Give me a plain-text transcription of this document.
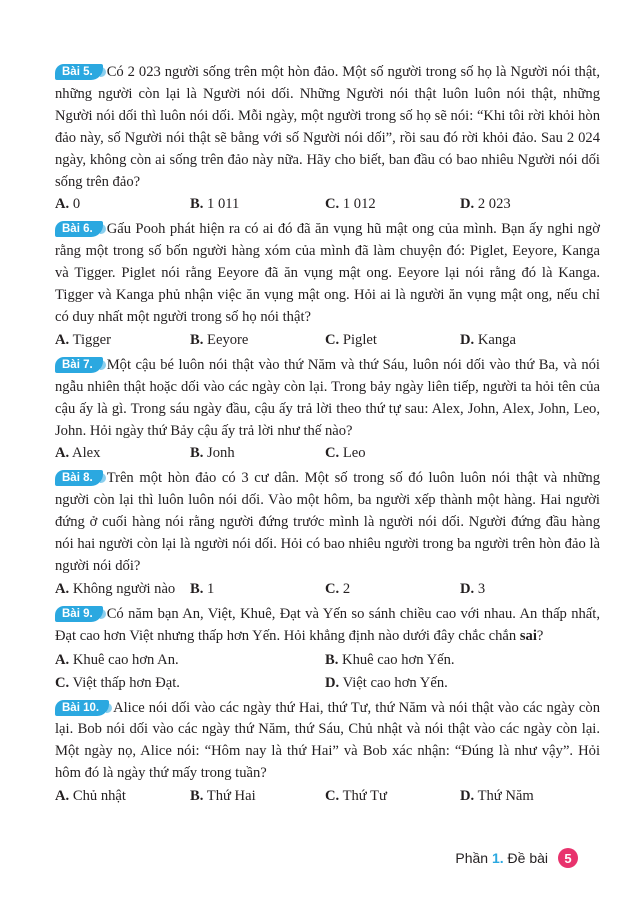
Bài 5. Có 2 023 người sống trên một hòn đảo. Một số người trong số họ là Người nói thật, những người còn lại là Người nói dối. Những Người nói thật luôn luôn nói thật, những Người nói dối thì luôn nói dối. Mỗi ngày, một người trong số họ sẽ nói: “Khi tôi rời khỏi hòn đảo này, số Người nói thật sẽ bằng với số Người nói dối”, rồi sau đó rời khỏi đảo. Sau 2 024 ngày, không còn ai sống trên đảo này nữa. Hãy cho biết, ban đầu có bao nhiêu Người nói dối sống trên đảo?
A. 0	B. 1 011	C. 1 012	D. 2 023
Bài 6. Gấu Pooh phát hiện ra có ai đó đã ăn vụng hũ mật ong của mình. Bạn ấy nghi ngờ rằng một trong số bốn người hàng xóm của mình đã làm chuyện đó: Piglet, Eeyore, Kanga và Tigger. Piglet nói rằng Eeyore đã ăn vụng mật ong. Eeyore lại nói rằng đó là Kanga. Tigger và Kanga phủ nhận việc ăn vụng mật ong. Hỏi ai là người ăn vụng mật ong, nếu chỉ có duy nhất một người trong số họ nói thật?
A. Tigger	B. Eeyore	C. Piglet	D. Kanga
Bài 7. Một cậu bé luôn nói thật vào thứ Năm và thứ Sáu, luôn nói dối vào thứ Ba, và nói ngẫu nhiên thật hoặc dối vào các ngày còn lại. Trong bảy ngày liên tiếp, người ta hỏi tên của cậu ấy là gì. Trong sáu ngày đầu, cậu ấy trả lời theo thứ tự sau: Alex, John, Alex, John, Leo, John. Hỏi ngày thứ Bảy cậu ấy trả lời như thế nào?
A. Alex	B. Jonh	C. Leo
Bài 8. Trên một hòn đảo có 3 cư dân. Một số trong số đó luôn luôn nói thật và những người còn lại thì luôn luôn nói dối. Vào một hôm, ba người xếp thành một hàng. Hai người đứng ở cuối hàng nói rằng người đứng trước mình là người nói dối. Người đứng đầu hàng nói hai người còn lại là người nói dối. Hỏi có bao nhiêu người trong ba người trên hòn đảo là người nói dối?
A. Không người nào	B. 1	C. 2	D. 3
Bài 9. Có năm bạn An, Việt, Khuê, Đạt và Yến so sánh chiều cao với nhau. An thấp nhất, Đạt cao hơn Việt nhưng thấp hơn Yến. Hỏi khẳng định nào dưới đây chắc chắn sai?
A. Khuê cao hơn An.	B. Khuê cao hơn Yến.
C. Việt thấp hơn Đạt.	D. Việt cao hơn Yến.
Bài 10. Alice nói dối vào các ngày thứ Hai, thứ Tư, thứ Năm và nói thật vào các ngày còn lại. Bob nói dối vào các ngày thứ Năm, thứ Sáu, Chủ nhật và nói thật vào các ngày còn lại. Một ngày nọ, Alice nói: “Hôm nay là thứ Hai” và Bob xác nhận: “Đúng là như vậy”. Hỏi hôm đó là ngày thứ mấy trong tuần?
A. Chủ nhật	B. Thứ Hai	C. Thứ Tư	D. Thứ Năm
Phần
1.
Đề bài	5
